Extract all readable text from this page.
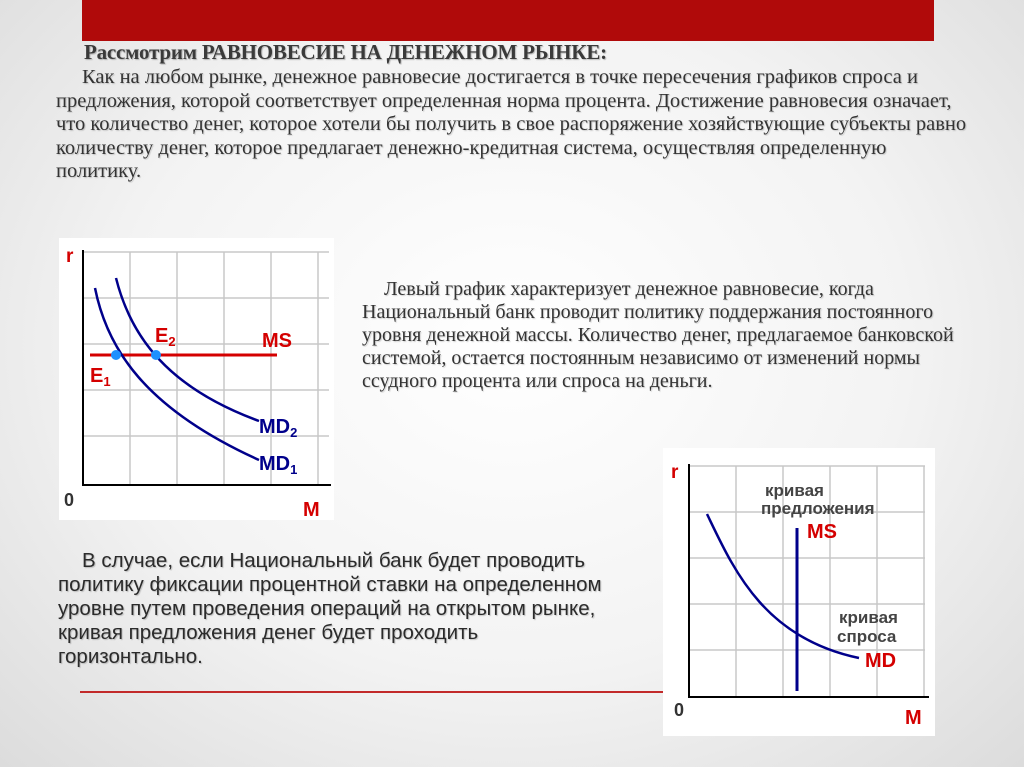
Рассмотрим РАВНОВЕСИЕ НА ДЕНЕЖНОМ РЫНКЕ:

Как на любом рынке, денежное равновесие достигается в точке пересечения графиков спроса и предложения, которой соответствует определенная норма процента. Достижение равновесия означает, что количество денег, которое хотели бы получить в свое распоряжение хозяйствующие субъекты равно количеству денег, которое предлагает денежно-кредитная система, осуществляя определенную политику.

r
M
0
MS
$E_1$
$E_2$
$MD_2$
$MD_1$

Левый график характеризует денежное равновесие, когда Национальный банк проводит политику поддержания постоянного уровня денежной массы. Количество денег, предлагаемое банковской системой, остается постоянным независимо от изменений нормы ссудного процента или спроса на деньги.

В случае, если Национальный банк будет проводить политику фиксации процентной ставки на определенном уровне путем проведения операций на открытом рынке, кривая предложения денег будет проходить горизонтально.

r
M
0
кривая
предложения
MS
кривая
спроса
MD
